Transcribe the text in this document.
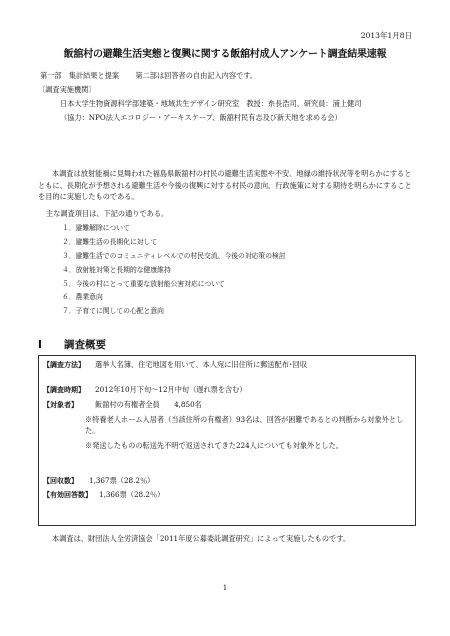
2013年1月8日
飯舘村の避難生活実態と復興に関する飯舘村成人アンケート調査結果速報
第一部　集計結果と提案 第二部は回答者の自由記入内容です。
〔調査実施機関〕
日本大学生物資源科学部建築・地域共生デザイン研究室　教授：糸長浩司、研究員：浦上健司
（協力：NPO法人エコロジー・アーキスケープ、飯舘村民有志及び新天地を求める会）
本調査は放射能禍に見舞われた福島県飯舘村の村民の避難生活実態や不安、地縁の維持状況等を明らかにするとともに、長期化が予想される避難生活や今後の復興に対する村民の意向、行政施策に対する期待を明らかにすることを目的に実施したものである。
主な調査項目は、下記の通りである。
１．避難解除について
２．避難生活の長期化に対して
３．避難生活でのコミュニティレベルでの村民交流、今後の対応策の検討
４．放射能対策と長期的な健康維持
５．今後の村にとって重要な放射能公害対応について
６．農業意向
７．子育てに関しての心配と意向
Ⅰ 調査概要
【調査方法】 選挙人名簿、住宅地図を用いて、本人宛に旧住所に郵送配布･回収
【調査時期】 2012年10月下旬〜12月中旬（遅れ票を含む）
【対象者】 飯舘村の有権者全員　　4,850名
※特養老人ホーム入居者（当該住所の有権者）93名は、回答が困難であるとの判断から対象外とした。
※発送したものの転送先不明で返送されてきた224人についても対象外とした。
【回収数】 1,367票（28.2％）
【有効回答数】 1,366票（28.2％）
本調査は、財団法人全労済協会「2011年度公募委託調査研究」によって実施したものです。
1
